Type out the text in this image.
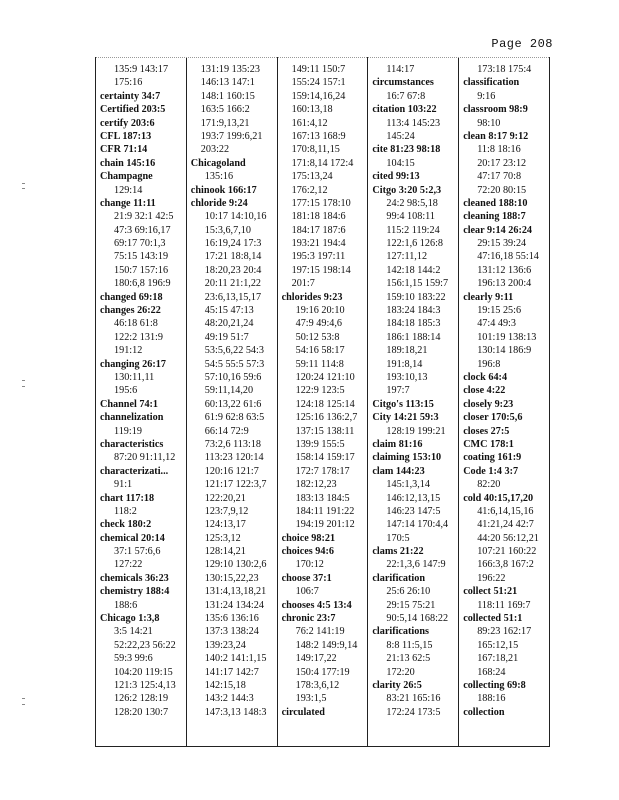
Page 208
135:9 143:17
175:16
certainty 34:7
Certified 203:5
certify 203:6
CFL 187:13
CFR 71:14
chain 145:16
Champagne
129:14
change 11:11
21:9 32:1 42:5
47:3 69:16,17
69:17 70:1,3
75:15 143:19
150:7 157:16
180:6,8 196:9
changed 69:18
changes 26:22
46:18 61:8
122:2 131:9
191:12
changing 26:17
130:11,11
195:6
Channel 74:1
channelization
119:19
characteristics
87:20 91:11,12
characterizati...
91:1
chart 117:18
118:2
check 180:2
chemical 20:14
37:1 57:6,6
127:22
chemicals 36:23
chemistry 188:4
188:6
Chicago 1:3,8
3:5 14:21
52:22,23 56:22
59:3 99:6
104:20 119:15
121:3 125:4,13
126:2 128:19
128:20 130:7
131:19 135:23
146:13 147:1
148:1 160:15
163:5 166:2
171:9,13,21
193:7 199:6,21
203:22
Chicagoland
135:16
chinook 166:17
chloride 9:24
10:17 14:10,16
15:3,6,7,10
16:19,24 17:3
17:21 18:8,14
18:20,23 20:4
20:11 21:1,22
23:6,13,15,17
45:15 47:13
48:20,21,24
49:19 51:7
53:5,6,22 54:3
54:5 55:5 57:3
57:10,16 59:6
59:11,14,20
60:13,22 61:6
61:9 62:8 63:5
66:14 72:9
73:2,6 113:18
113:23 120:14
120:16 121:7
121:17 122:3,7
122:20,21
123:7,9,12
124:13,17
125:3,12
128:14,21
129:10 130:2,6
130:15,22,23
131:4,13,18,21
131:24 134:24
135:6 136:16
137:3 138:24
139:23,24
140:2 141:1,15
141:17 142:7
142:15,18
143:2 144:3
147:3,13 148:3
149:11 150:7
155:24 157:1
159:14,16,24
160:13,18
161:4,12
167:13 168:9
170:8,11,15
171:8,14 172:4
175:13,24
176:2,12
177:15 178:10
181:18 184:6
184:17 187:6
193:21 194:4
195:3 197:11
197:15 198:14
201:7
chlorides 9:23
19:16 20:10
47:9 49:4,6
50:12 53:8
54:16 58:17
59:11 114:8
120:24 121:10
122:9 123:5
124:18 125:14
125:16 136:2,7
137:15 138:11
139:9 155:5
158:14 159:17
172:7 178:17
182:12,23
183:13 184:5
184:11 191:22
194:19 201:12
choice 98:21
choices 94:6
170:12
choose 37:1
106:7
chooses 4:5 13:4
chronic 23:7
76:2 141:19
148:2 149:9,14
149:17,22
150:4 177:19
178:3,6,12
193:1,5
circulated
114:17
circumstances
16:7 67:8
citation 103:22
113:4 145:23
145:24
cite 81:23 98:18
104:15
cited 99:13
Citgo 3:20 5:2,3
24:2 98:5,18
99:4 108:11
115:2 119:24
122:1,6 126:8
127:11,12
142:18 144:2
156:1,15 159:7
159:10 183:22
183:24 184:3
184:18 185:3
186:1 188:14
189:18,21
191:8,14
193:10,13
197:7
Citgo's 113:15
City 14:21 59:3
128:19 199:21
claim 81:16
claiming 153:10
clam 144:23
145:1,3,14
146:12,13,15
146:23 147:5
147:14 170:4,4
170:5
clams 21:22
22:1,3,6 147:9
clarification
25:6 26:10
29:15 75:21
90:5,14 168:22
clarifications
8:8 11:5,15
21:13 62:5
172:20
clarity 26:5
83:21 165:16
172:24 173:5
173:18 175:4
classification
9:16
classroom 98:9
98:10
clean 8:17 9:12
11:8 18:16
20:17 23:12
47:17 70:8
72:20 80:15
cleaned 188:10
cleaning 188:7
clear 9:14 26:24
29:15 39:24
47:16,18 55:14
131:12 136:6
196:13 200:4
clearly 9:11
19:15 25:6
47:4 49:3
101:19 138:13
130:14 186:9
196:8
clock 64:4
close 4:22
closely 9:23
closer 170:5,6
closes 27:5
CMC 178:1
coating 161:9
Code 1:4 3:7
82:20
cold 40:15,17,20
41:6,14,15,16
41:21,24 42:7
44:20 56:12,21
107:21 160:22
166:3,8 167:2
196:22
collect 51:21
118:11 169:7
collected 51:1
89:23 162:17
165:12,15
167:18,21
168:24
collecting 69:8
188:16
collection
